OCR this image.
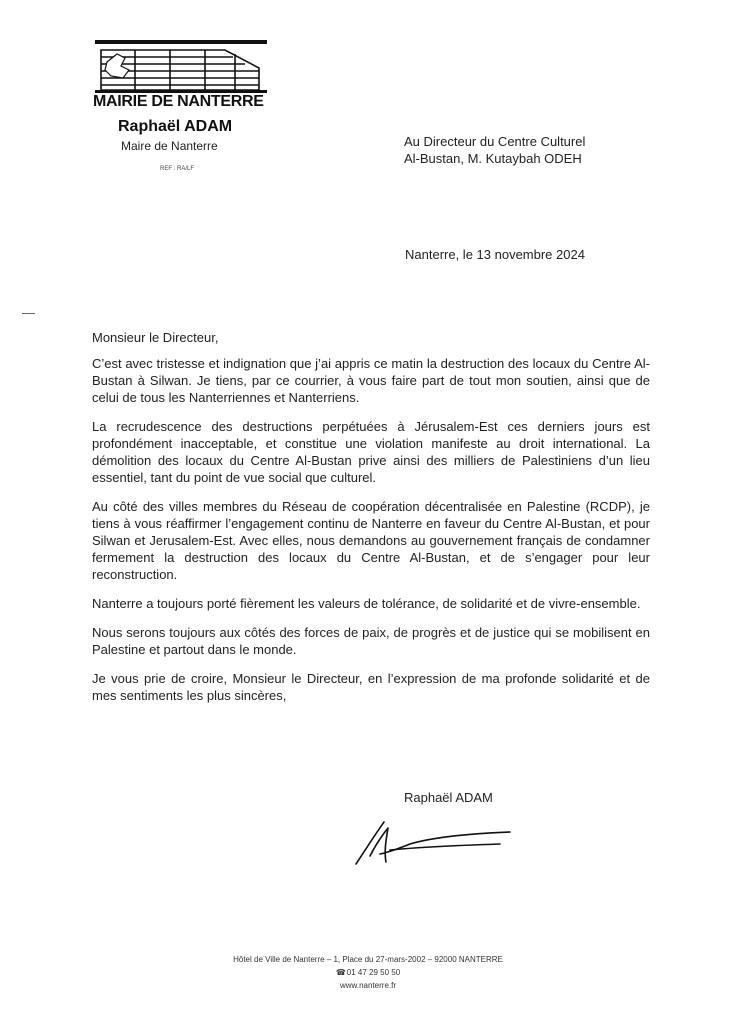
MAIRIE DE NANTERRE
Raphaël ADAM
Maire de Nanterre
REF : RA/LF
Au Directeur du Centre Culturel
Al-Bustan, M. Kutaybah ODEH
Nanterre, le 13 novembre 2024
Monsieur le Directeur,

C’est avec tristesse et indignation que j’ai appris ce matin la destruction des locaux du Centre Al-Bustan à Silwan. Je tiens, par ce courrier, à vous faire part de tout mon soutien, ainsi que de celui de tous les Nanterriennes et Nanterriens.

La recrudescence des destructions perpétuées à Jérusalem-Est ces derniers jours est profondément inacceptable, et constitue une violation manifeste au droit international. La démolition des locaux du Centre Al-Bustan prive ainsi des milliers de Palestiniens d’un lieu essentiel, tant du point de vue social que culturel.

Au côté des villes membres du Réseau de coopération décentralisée en Palestine (RCDP), je tiens à vous réaffirmer l’engagement continu de Nanterre en faveur du Centre Al-Bustan, et pour Silwan et Jerusalem-Est. Avec elles, nous demandons au gouvernement français de condamner fermement la destruction des locaux du Centre Al-Bustan, et de s’engager pour leur reconstruction.

Nanterre a toujours porté fièrement les valeurs de tolérance, de solidarité et de vivre-ensemble.

Nous serons toujours aux côtés des forces de paix, de progrès et de justice qui se mobilisent en Palestine et partout dans le monde.

Je vous prie de croire, Monsieur le Directeur, en l’expression de ma profonde solidarité et de mes sentiments les plus sincères,

Raphaël ADAM
Hôtel de Ville de Nanterre – 1, Place du 27-mars-2002 – 92000 NANTERRE
☎01 47 29 50 50
www.nanterre.fr
